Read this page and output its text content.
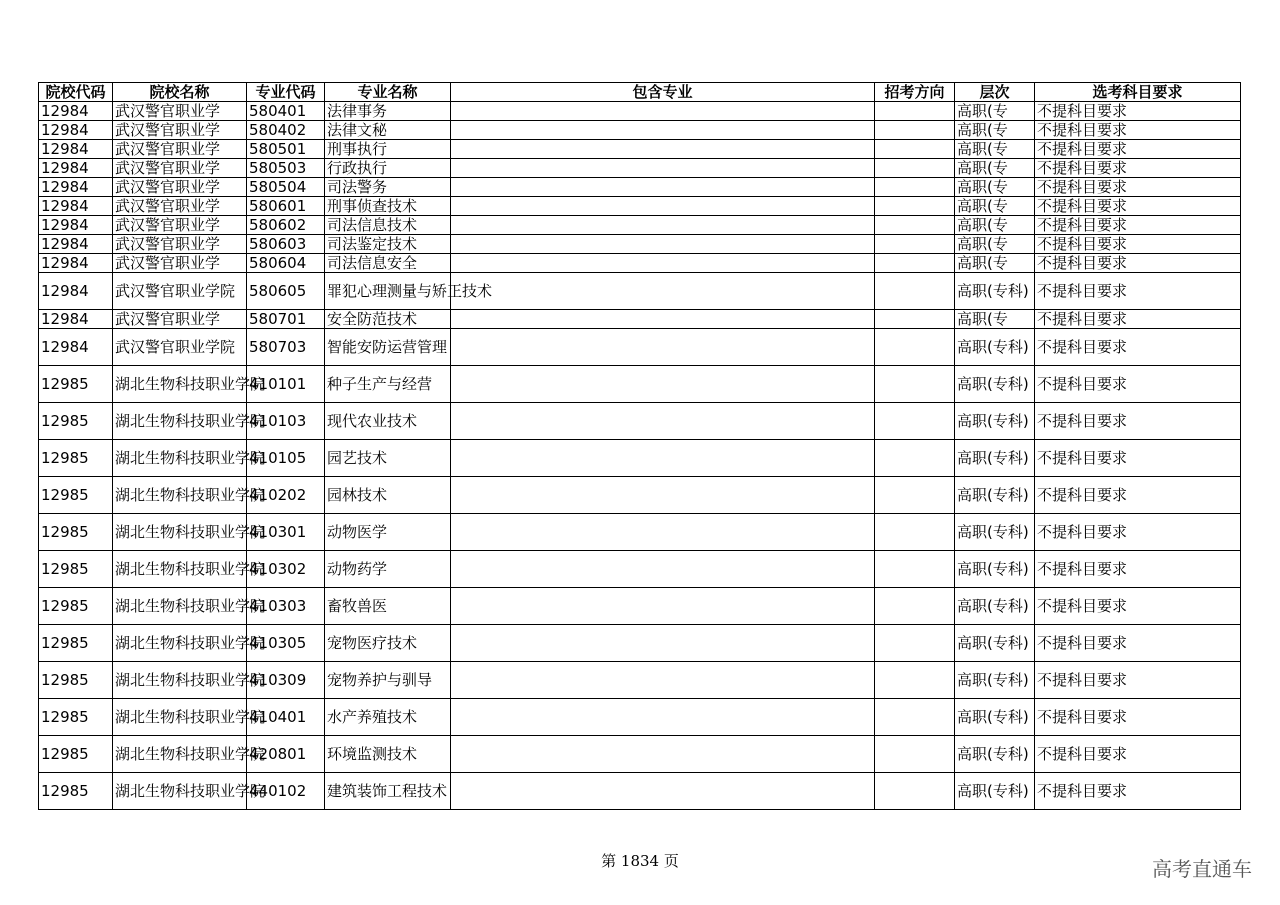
院校代码	院校名称	专业代码	专业名称	包含专业	招考方向	层次	选考科目要求
12984	武汉警官职业学	580401	法律事务			高职(专	不提科目要求
12984	武汉警官职业学	580402	法律文秘			高职(专	不提科目要求
12984	武汉警官职业学	580501	刑事执行			高职(专	不提科目要求
12984	武汉警官职业学	580503	行政执行			高职(专	不提科目要求
12984	武汉警官职业学	580504	司法警务			高职(专	不提科目要求
12984	武汉警官职业学	580601	刑事侦查技术			高职(专	不提科目要求
12984	武汉警官职业学	580602	司法信息技术			高职(专	不提科目要求
12984	武汉警官职业学	580603	司法鉴定技术			高职(专	不提科目要求
12984	武汉警官职业学	580604	司法信息安全			高职(专	不提科目要求
12984	武汉警官职业学院	580605	罪犯心理测量与矫正技术			高职(专科)	不提科目要求
12984	武汉警官职业学	580701	安全防范技术			高职(专	不提科目要求
12984	武汉警官职业学院	580703	智能安防运营管理			高职(专科)	不提科目要求
12985	湖北生物科技职业学院	410101	种子生产与经营			高职(专科)	不提科目要求
12985	湖北生物科技职业学院	410103	现代农业技术			高职(专科)	不提科目要求
12985	湖北生物科技职业学院	410105	园艺技术			高职(专科)	不提科目要求
12985	湖北生物科技职业学院	410202	园林技术			高职(专科)	不提科目要求
12985	湖北生物科技职业学院	410301	动物医学			高职(专科)	不提科目要求
12985	湖北生物科技职业学院	410302	动物药学			高职(专科)	不提科目要求
12985	湖北生物科技职业学院	410303	畜牧兽医			高职(专科)	不提科目要求
12985	湖北生物科技职业学院	410305	宠物医疗技术			高职(专科)	不提科目要求
12985	湖北生物科技职业学院	410309	宠物养护与驯导			高职(专科)	不提科目要求
12985	湖北生物科技职业学院	410401	水产养殖技术			高职(专科)	不提科目要求
12985	湖北生物科技职业学院	420801	环境监测技术			高职(专科)	不提科目要求
12985	湖北生物科技职业学院	440102	建筑装饰工程技术			高职(专科)	不提科目要求
第 1834 页	高考直通车
